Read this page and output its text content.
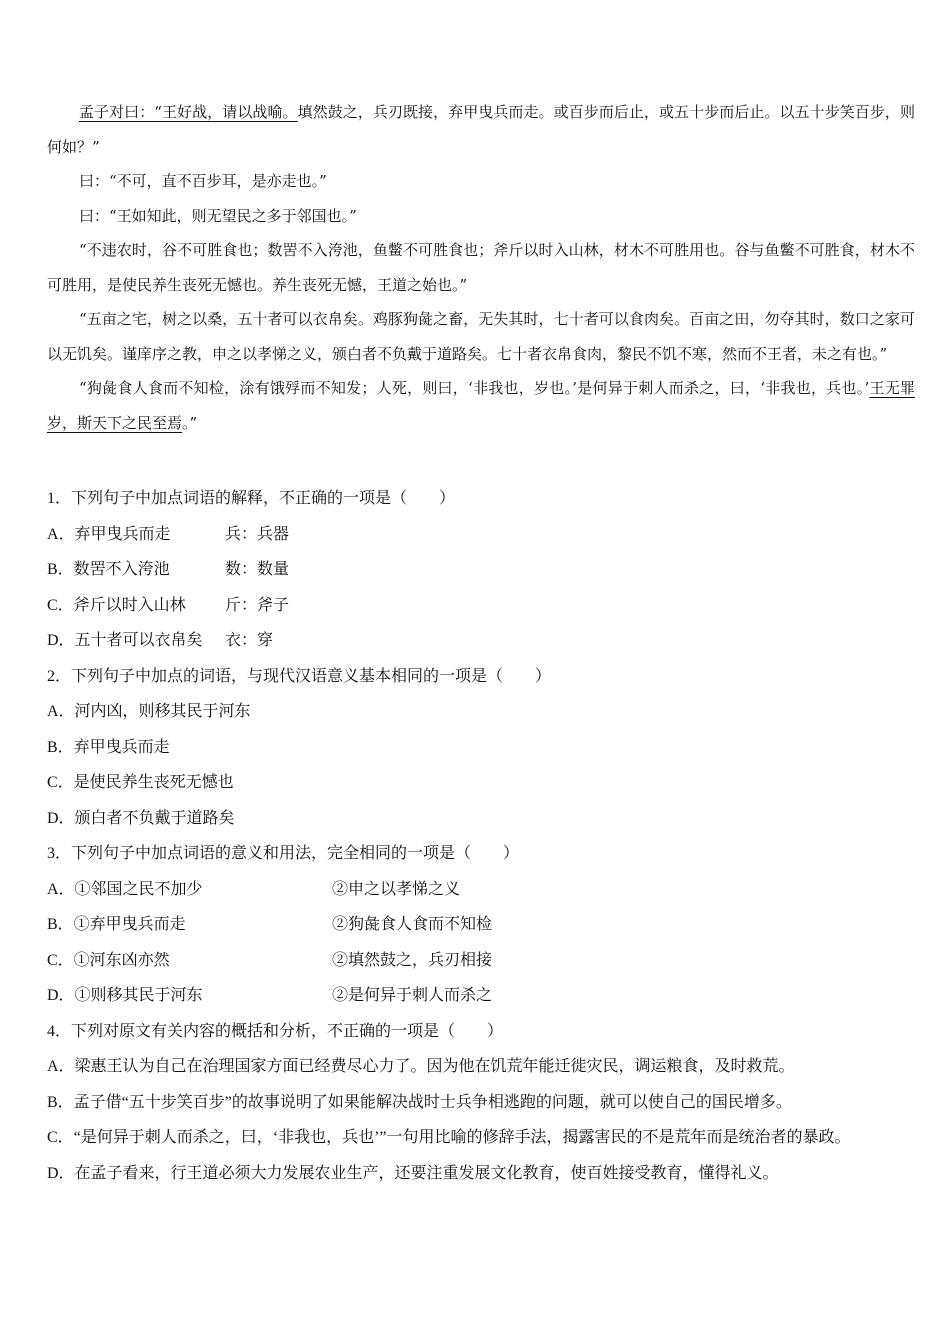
孟子对曰：“王好战，请以战喻。填然鼓之，兵刃既接，弃甲曳兵而走。或百步而后止，或五十步而后止。以五十步笑百步，则何如？”

曰：“不可，直不百步耳，是亦走也。”

曰：“王如知此，则无望民之多于邻国也。”

“不违农时，谷不可胜食也；数罟不入洿池，鱼鳖不可胜食也；斧斤以时入山林，材木不可胜用也。谷与鱼鳖不可胜食，材木不可胜用，是使民养生丧死无憾也。养生丧死无憾，王道之始也。”

“五亩之宅，树之以桑，五十者可以衣帛矣。鸡豚狗彘之畜，无失其时，七十者可以食肉矣。百亩之田，勿夺其时，数口之家可以无饥矣。谨庠序之教，申之以孝悌之义，颁白者不负戴于道路矣。七十者衣帛食肉，黎民不饥不寒，然而不王者，未之有也。”

“狗彘食人食而不知检，涂有饿殍而不知发；人死，则曰，‘非我也，岁也。’是何异于刺人而杀之，曰，‘非我也，兵也。’王无罪岁，斯天下之民至焉。”

1．下列句子中加点词语的解释，不正确的一项是（　　）
A．弃甲曳兵而走	兵：兵器
B．数罟不入洿池	数：数量
C．斧斤以时入山林 斤：斧子
D．五十者可以衣帛矣 衣：穿
2．下列句子中加点的词语，与现代汉语意义基本相同的一项是（　　）
A．河内凶，则移其民于河东
B．弃甲曳兵而走
C．是使民养生丧死无憾也
D．颁白者不负戴于道路矣
3．下列句子中加点词语的意义和用法，完全相同的一项是（　　）
A．①邻国之民不加少	②申之以孝悌之义
B．①弃甲曳兵而走	②狗彘食人食而不知检
C．①河东凶亦然	②填然鼓之，兵刃相接
D．①则移其民于河东	②是何异于刺人而杀之
4．下列对原文有关内容的概括和分析，不正确的一项是（　　）
A．梁惠王认为自己在治理国家方面已经费尽心力了。因为他在饥荒年能迁徙灾民，调运粮食，及时救荒。
B．孟子借“五十步笑百步”的故事说明了如果能解决战时士兵争相逃跑的问题，就可以使自己的国民增多。
C．“是何异于刺人而杀之，曰，‘非我也，兵也’”一句用比喻的修辞手法，揭露害民的不是荒年而是统治者的暴政。
D．在孟子看来，行王道必须大力发展农业生产，还要注重发展文化教育，使百姓接受教育，懂得礼义。
